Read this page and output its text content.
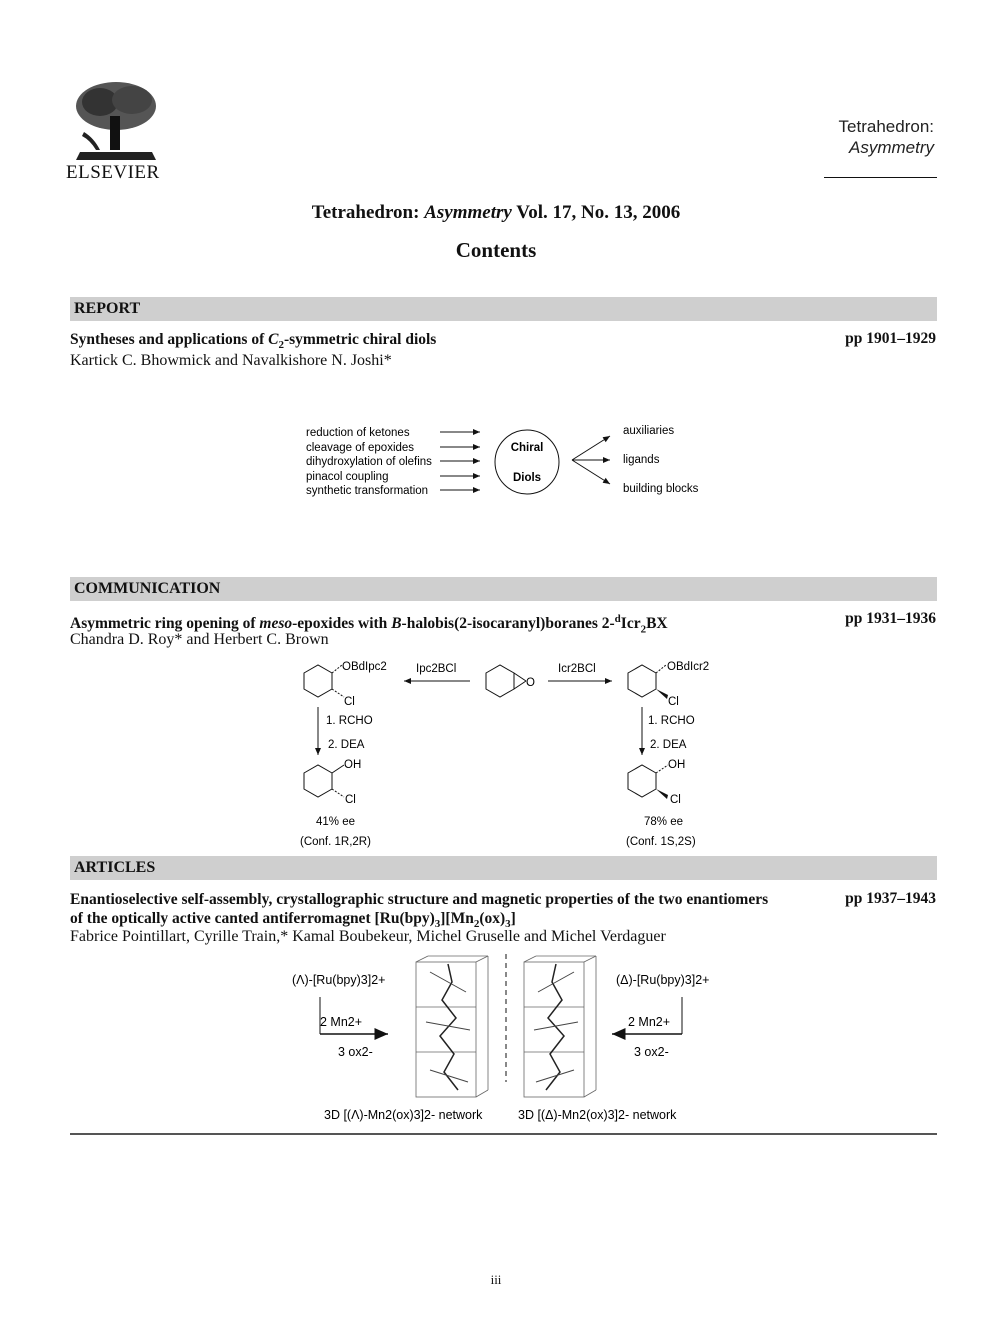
ELSEVIER
Tetrahedron:
Asymmetry
Tetrahedron: Asymmetry Vol. 17, No. 13, 2006
Contents
REPORT
Syntheses and applications of $C_2$-symmetric chiral diols	pp 1901–1929
Kartick C. Bhowmick and Navalkishore N. Joshi*
reduction of ketones
cleavage of epoxides
dihydroxylation of olefins
pinacol coupling
synthetic transformation
Chiral
Diols
auxiliaries
ligands
building blocks
COMMUNICATION
Asymmetric ring opening of meso-epoxides with B-halobis(2-isocaranyl)boranes 2-$^d$Icr$_2$BX	pp 1931–1936
Chandra D. Roy* and Herbert C. Brown
OBdIpc2
Cl
Ipc2BCl
O
Icr2BCl	OBdIcr2
Cl
1. RCHO
2. DEA
1. RCHO
2. DEA
OH
Cl
41% ee
(Conf. 1R,2R)
OH
Cl
78% ee
(Conf. 1S,2S)
ARTICLES
Enantioselective self-assembly, crystallographic structure and magnetic properties of the two enantiomers
of the optically active canted antiferromagnet $[Ru(bpy)_3][Mn_2(ox)_3]$
pp 1937–1943
Fabrice Pointillart, Cyrille Train,* Kamal Boubekeur, Michel Gruselle and Michel Verdaguer
(Λ)-[Ru(bpy)3]2+	(Δ)-[Ru(bpy)3]2+
2 Mn2+
3 ox2-
2 Mn2+
3 ox2-
3D [(Λ)-Mn2(ox)3]2- network	3D [(Δ)-Mn2(ox)3]2- network
iii
